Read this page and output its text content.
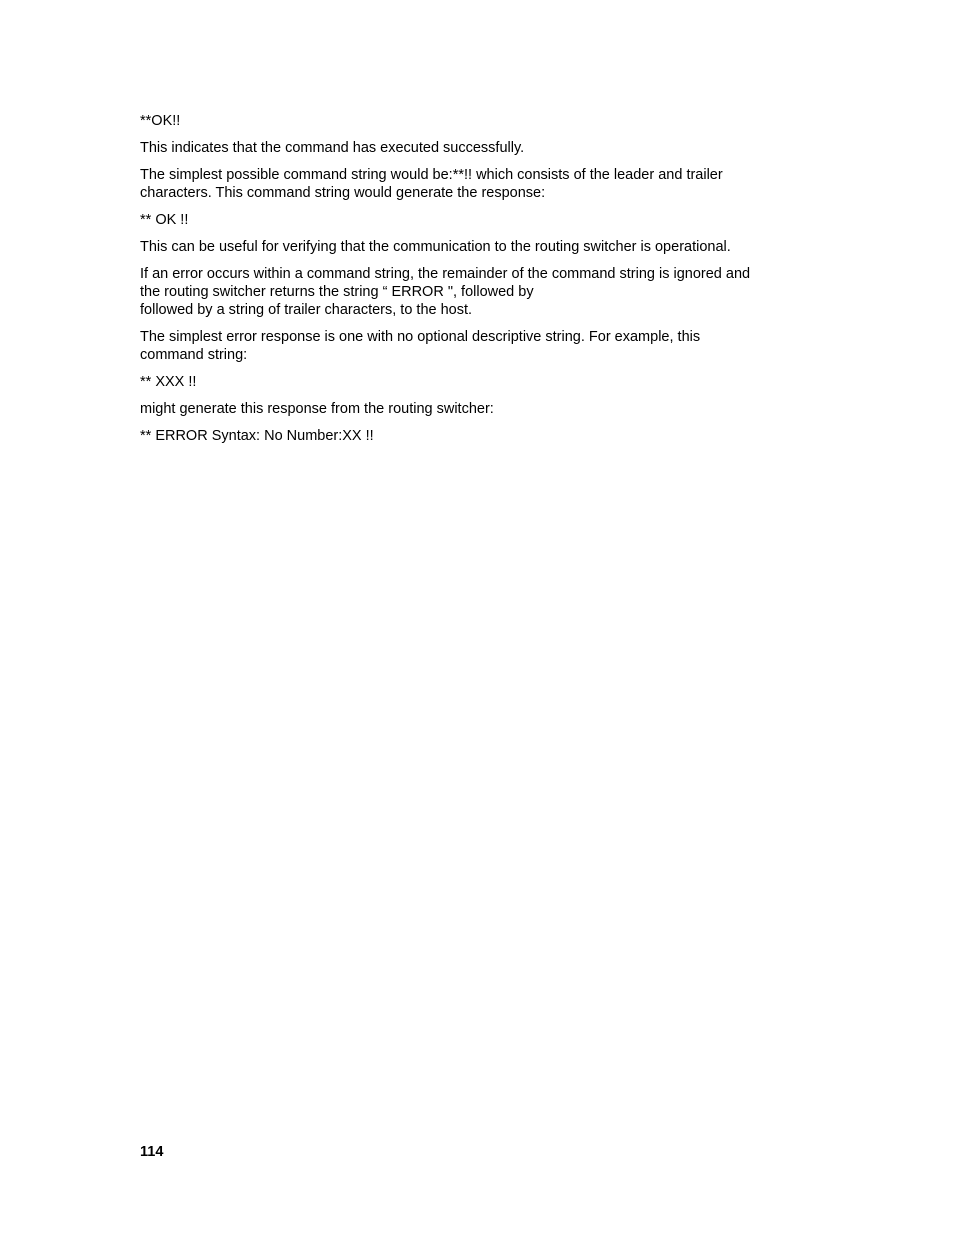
**OK!!

This indicates that the command has executed successfully.

The simplest possible command string would be:**!! which consists of the leader and trailer
characters. This command string would generate the response:

** OK !!

This can be useful for verifying that the communication to the routing switcher is operational.

If an error occurs within a command string, the remainder of the command string is ignored and
the routing switcher returns the string “ ERROR ", followed by
followed by a string of trailer characters, to the host.

The simplest error response is one with no optional descriptive string. For example, this
command string:

** XXX !!

might generate this response from the routing switcher:

** ERROR Syntax: No Number:XX !!

114
